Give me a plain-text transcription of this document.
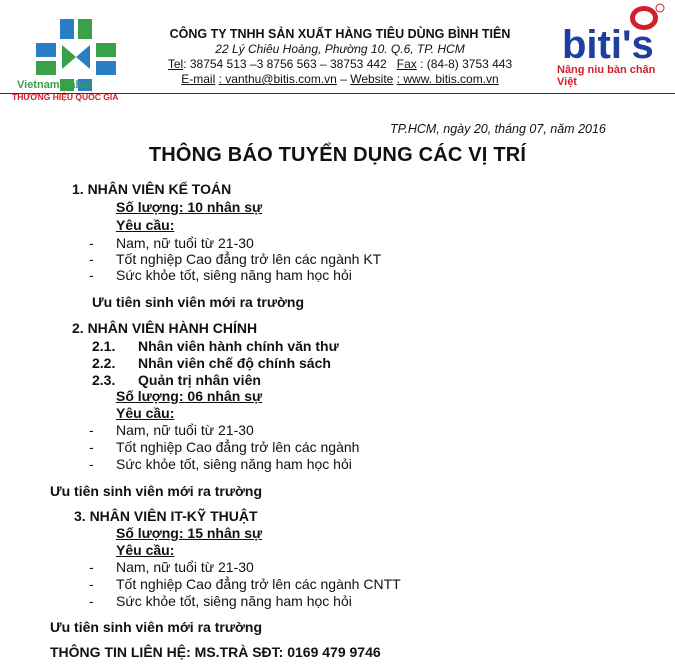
Vietnam Value
THƯƠNG HIỆU QUỐC GIA
biti's
Nâng niu bàn chân Việt
CÔNG TY TNHH SẢN XUẤT HÀNG TIÊU DÙNG BÌNH TIÊN
22 Lý Chiêu Hoàng, Phường 10. Q.6, TP. HCM
Tel: 38754 513 –3 8756 563 – 38753 442 Fax : (84-8) 3753 443
E-mail : vanthu@bitis.com.vn – Website : www. bitis.com.vn
TP.HCM, ngày 20, tháng 07, năm 2016
THÔNG BÁO TUYỂN DỤNG CÁC VỊ TRÍ
1. NHÂN VIÊN KẾ TOÁN
Số lượng: 10 nhân sự
Yêu cầu:
- Nam, nữ tuổi từ 21-30
- Tốt nghiệp Cao đẳng trở lên các ngành KT
- Sức khỏe tốt, siêng năng ham học hỏi
Ưu tiên sinh viên mới ra trường
2. NHÂN VIÊN HÀNH CHÍNH
2.1. Nhân viên hành chính văn thư
2.2. Nhân viên chế độ chính sách
2.3. Quản trị nhân viên
Số lượng: 06 nhân sự
Yêu cầu:
- Nam, nữ tuổi từ 21-30
- Tốt nghiệp Cao đẳng trở lên các ngành
- Sức khỏe tốt, siêng năng ham học hỏi
Ưu tiên sinh viên mới ra trường
3. NHÂN VIÊN IT-KỸ THUẬT
Số lượng: 15 nhân sự
Yêu cầu:
- Nam, nữ tuổi từ 21-30
- Tốt nghiệp Cao đẳng trở lên các ngành CNTT
- Sức khỏe tốt, siêng năng ham học hỏi
Ưu tiên sinh viên mới ra trường
THÔNG TIN LIÊN HỆ: MS.TRÀ SĐT: 0169 479 9746
